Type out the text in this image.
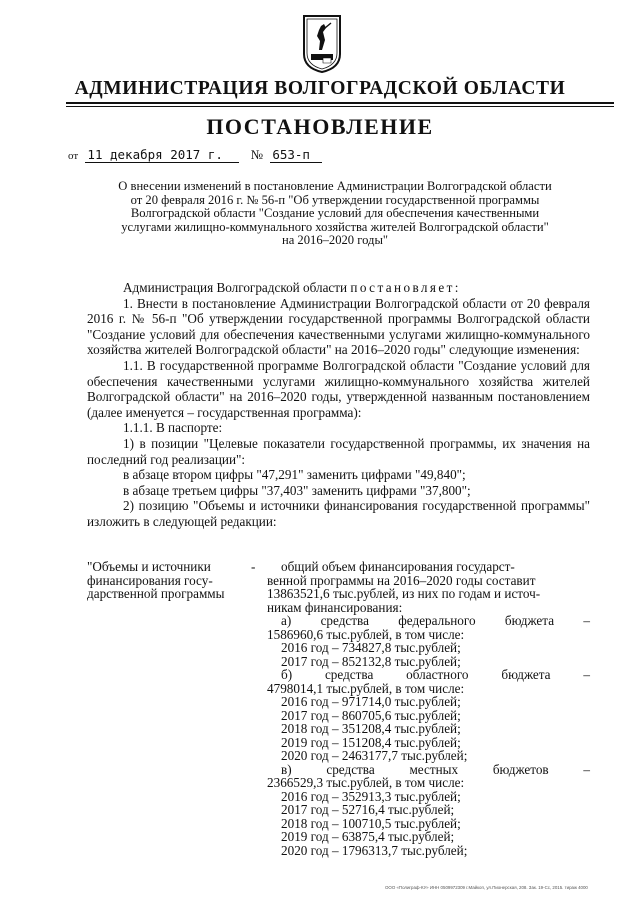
АДМИНИСТРАЦИЯ ВОЛГОГРАДСКОЙ ОБЛАСТИ
ПОСТАНОВЛЕНИЕ
от 11 декабря 2017 г. № 653-п
О внесении изменений в постановление Администрации Волгоградской области
от 20 февраля 2016 г. № 56-п "Об утверждении государственной программы
Волгоградской области "Создание условий для обеспечения качественными
услугами жилищно-коммунального хозяйства жителей Волгоградской области"
на 2016–2020 годы"

Администрация Волгоградской области постановляет:

1. Внести в постановление Администрации Волгоградской области от 20 февраля 2016 г. № 56-п "Об утверждении государственной программы Волгоградской области "Создание условий для обеспечения качественными услугами жилищно-коммунального хозяйства жителей Волгоградской области" на 2016–2020 годы" следующие изменения:

1.1. В государственной программе Волгоградской области "Создание условий для обеспечения качественными услугами жилищно-коммунального хозяйства жителей Волгоградской области" на 2016–2020 годы, утвержденной названным постановлением (далее именуется – государственная программа):

1.1.1. В паспорте:

1) в позиции "Целевые показатели государственной программы, их значения на последний год реализации":

в абзаце втором цифры "47,291" заменить цифрами "49,840";

в абзаце третьем цифры "37,403" заменить цифрами "37,800";

2) позицию "Объемы и источники финансирования государственной программы" изложить в следующей редакции:

"Объемы и источники
финансирования госу-
дарственной программы
-	общий объем финансирования государст-
венной программы на 2016–2020 годы составит
13863521,6 тыс.рублей, из них по годам и источ-
никам финансирования:
а) средства федерального бюджета –
1586960,6 тыс.рублей, в том числе:
2016 год – 734827,8 тыс.рублей;
2017 год – 852132,8 тыс.рублей;
б) средства областного бюджета –
4798014,1 тыс.рублей, в том числе:
2016 год – 971714,0 тыс.рублей;
2017 год – 860705,6 тыс.рублей;
2018 год – 351208,4 тыс.рублей;
2019 год – 151208,4 тыс.рублей;
2020 год – 2463177,7 тыс.рублей;
в)	средства	местных	бюджетов	–
2366529,3 тыс.рублей, в том числе:
2016 год – 352913,3 тыс.рублей;
2017 год – 52716,4 тыс.рублей;
2018 год – 100710,5 тыс.рублей;
2019 год – 63875,4 тыс.рублей;
2020 год – 1796313,7 тыс.рублей;
ООО «Полиграф-КУ» ИНН 0509972309 г.Майкоп, ул.Пионерская, 208. Зак. 19-Сс, 2015. тираж 4000
